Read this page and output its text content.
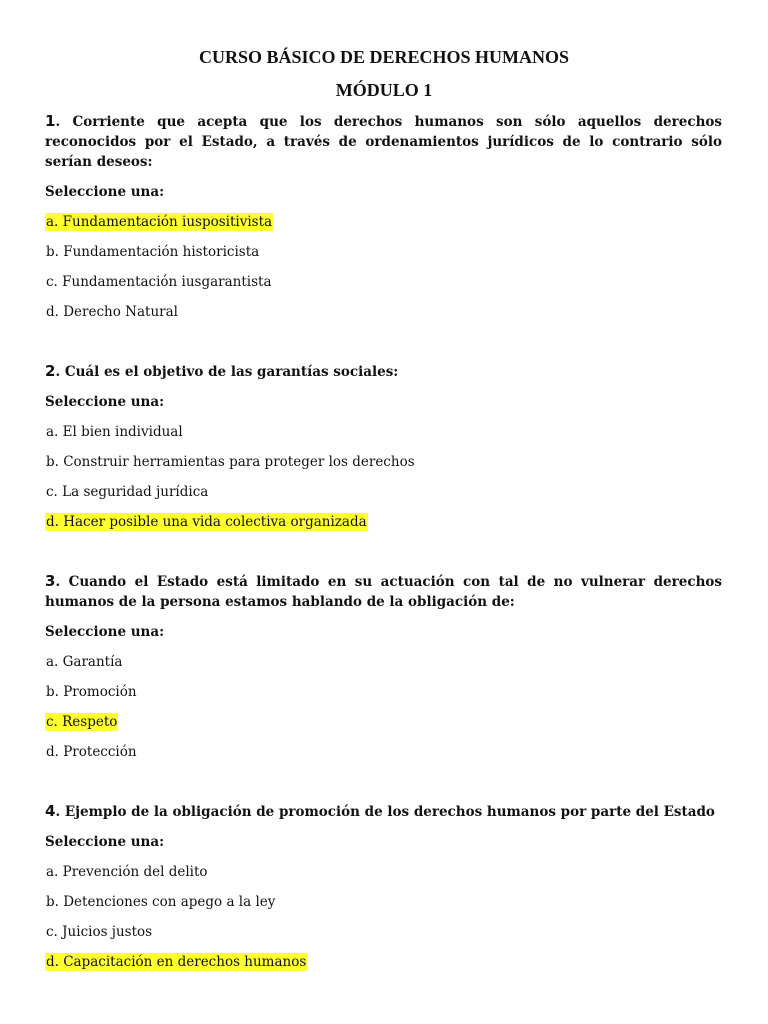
CURSO BÁSICO DE DERECHOS HUMANOS
MÓDULO 1

1. Corriente que acepta que los derechos humanos son sólo aquellos derechos reconocidos por el Estado, a través de ordenamientos jurídicos de lo contrario sólo serían deseos:

Seleccione una:
a. Fundamentación iuspositivista
b. Fundamentación historicista
c. Fundamentación iusgarantista
d. Derecho Natural

2. Cuál es el objetivo de las garantías sociales:

Seleccione una:
a. El bien individual
b. Construir herramientas para proteger los derechos
c. La seguridad jurídica
d. Hacer posible una vida colectiva organizada

3. Cuando el Estado está limitado en su actuación con tal de no vulnerar derechos humanos de la persona estamos hablando de la obligación de:

Seleccione una:
a. Garantía
b. Promoción
c. Respeto
d. Protección

4. Ejemplo de la obligación de promoción de los derechos humanos por parte del Estado

Seleccione una:
a. Prevención del delito
b. Detenciones con apego a la ley
c. Juicios justos
d. Capacitación en derechos humanos
